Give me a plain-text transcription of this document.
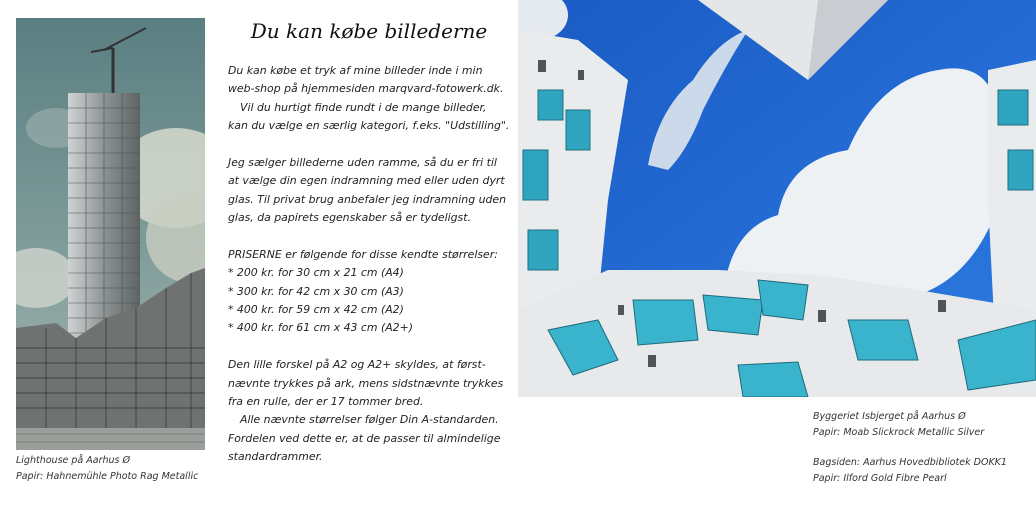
Du kan købe billederne
Du kan købe et tryk af mine billeder inde i min
web-shop på hjemmesiden marqvard-fotowerk.dk.
Vil du hurtigt finde rundt i de mange billeder,
kan du vælge en særlig kategori, f.eks. "Udstilling".
Jeg sælger billederne uden ramme, så du er fri til
at vælge din egen indramning med eller uden dyrt
glas. Til privat brug anbefaler jeg indramning uden
glas, da papirets egenskaber så er tydeligst.
PRISERNE er følgende for disse kendte størrelser:
* 200 kr. for 30 cm x 21 cm (A4)
* 300 kr. for 42 cm x 30 cm (A3)
* 400 kr. for 59 cm x 42 cm (A2)
* 400 kr. for 61 cm x 43 cm (A2+)
Den lille forskel på A2 og A2+ skyldes, at først-
nævnte trykkes på ark, mens sidstnævnte trykkes
fra en rulle, der er 17 tommer bred.
Alle nævnte størrelser følger Din A-standarden.
Fordelen ved dette er, at de passer til almindelige
standardrammer.
Lighthouse på Aarhus Ø
Papir: Hahnemühle Photo Rag Metallic
Byggeriet Isbjerget på Aarhus Ø
Papir: Moab Slickrock Metallic Silver
Bagsiden: Aarhus Hovedbibliotek DOKK1
Papir: Ilford Gold Fibre Pearl
